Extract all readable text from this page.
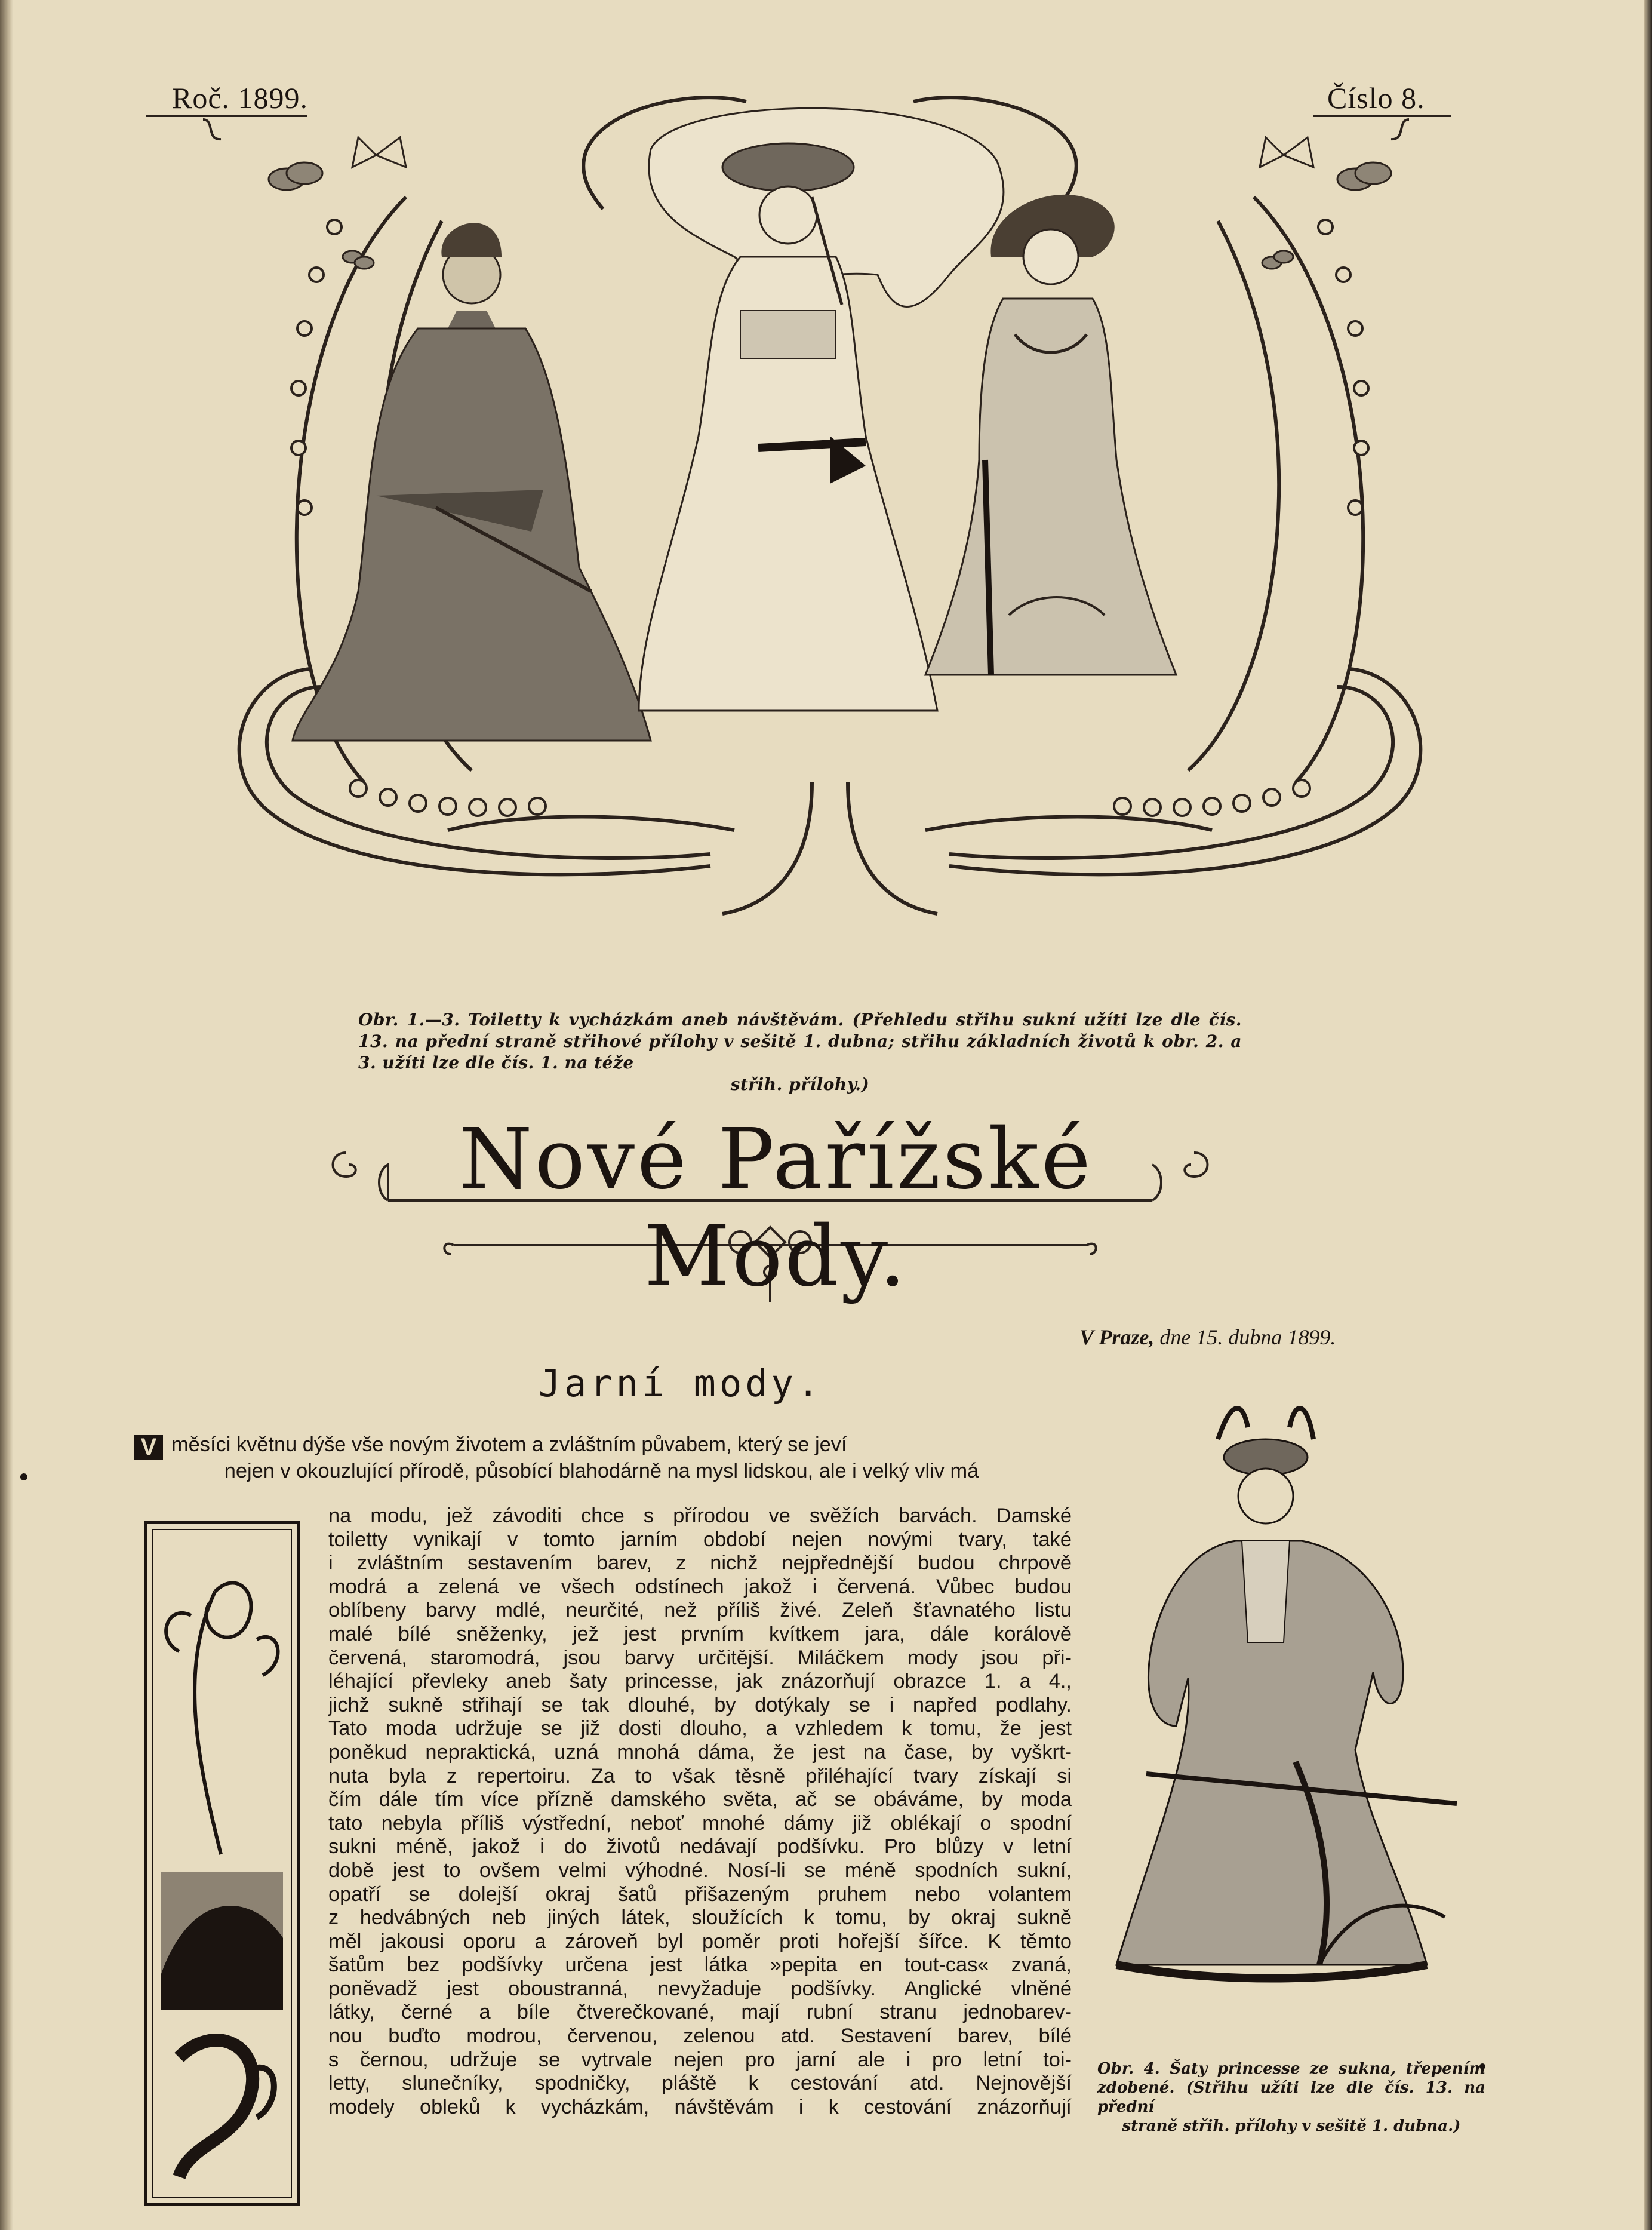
Roč. 1899.	Číslo 8.
Obr. 1.—3. Toiletty k vycházkám aneb návštěvám. (Přehledu střihu sukní užíti lze dle čís. 13. na přední straně střihové přílohy v sešitě 1. dubna; střihu základních životů k obr. 2. a 3. užíti lze dle čís. 1. na téže
střih. přílohy.)
Nové Pařížské Mody.
V Praze, dne 15. dubna 1899.
Jarní mody.
V měsíci květnu dýše vše novým životem a zvláštním půvabem, který se jeví
nejen v okouzlující přírodě, působící blahodárně na mysl lidskou, ale i velký vliv má
na modu, jež závoditi chce s přírodou ve svěžích barvách. Damské
toiletty vynikají v tomto jarním období nejen novými tvary, také
i zvláštním sestavením barev, z nichž nejpřednější budou chrpově
modrá a zelená ve všech odstínech jakož i červená. Vůbec budou
oblíbeny barvy mdlé, neurčité, než příliš živé. Zeleň šťavnatého listu
malé bílé sněženky, jež jest prvním kvítkem jara, dále korálově
červená, staromodrá, jsou barvy určitější. Miláčkem mody jsou při-
léhající převleky aneb šaty princesse, jak znázorňují obrazce 1. a 4.,
jichž sukně střihají se tak dlouhé, by dotýkaly se i napřed podlahy.
Tato moda udržuje se již dosti dlouho, a vzhledem k tomu, že jest
poněkud nepraktická, uzná mnohá dáma, že jest na čase, by vyškrt-
nuta byla z repertoiru. Za to však těsně přiléhající tvary získají si
čím dále tím více přízně damského světa, ač se obáváme, by moda
tato nebyla příliš výstřední, neboť mnohé dámy již oblékají o spodní
sukni méně, jakož i do životů nedávají podšívku. Pro blůzy v letní
době jest to ovšem velmi výhodné. Nosí-li se méně spodních sukní,
opatří se dolejší okraj šatů přišazeným pruhem nebo volantem
z hedvábných neb jiných látek, sloužících k tomu, by okraj sukně
měl jakousi oporu a zároveň byl poměr proti hořejší šířce. K těmto
šatům bez podšívky určena jest látka »pepita en tout-cas« zvaná,
poněvadž jest oboustranná, nevyžaduje podšívky. Anglické vlněné
látky, černé a bíle čtverečkované, mají rubní stranu jednobarev-
nou buďto modrou, červenou, zelenou atd. Sestavení barev, bílé
s černou, udržuje se vytrvale nejen pro jarní ale i pro letní toi-
letty, slunečníky, spodničky, pláště k cestování atd. Nejnovější
modely obleků k vycházkám, návštěvám i k cestování znázorňují
Obr. 4. Šaty princesse ze sukna, třepením zdobené. (Střihu užíti lze dle čís. 13. na přední
straně střih. přílohy v sešitě 1. dubna.)
